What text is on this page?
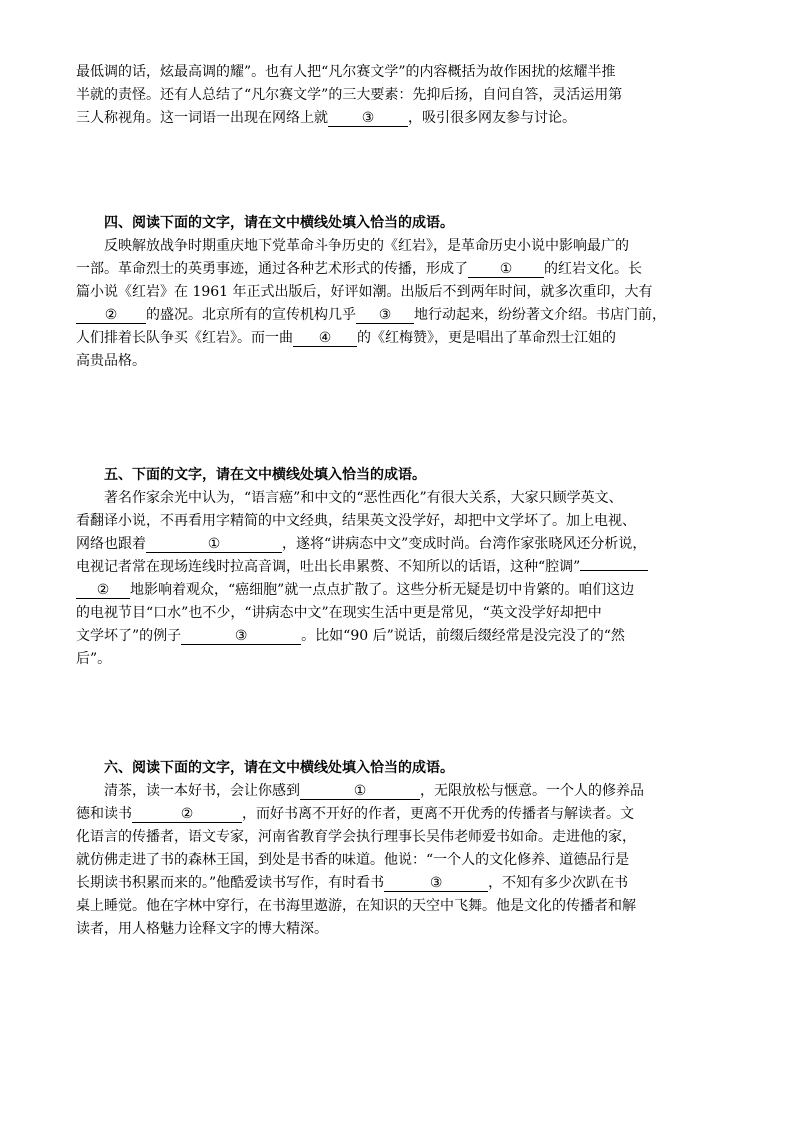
最低调的话，炫最高调的耀”。也有人把“凡尔赛文学”的内容概括为故作困扰的炫耀半推
半就的责怪。还有人总结了“凡尔赛文学”的三大要素：先抑后扬，自问自答，灵活运用第
三人称视角。这一词语一出现在网络上就 ③ ，吸引很多网友参与讨论。
四、阅读下面的文字，请在文中横线处填入恰当的成语。
反映解放战争时期重庆地下党革命斗争历史的《红岩》，是革命历史小说中影响最广的
一部。革命烈士的英勇事迹，通过各种艺术形式的传播，形成了 ① 的红岩文化。长
篇小说《红岩》在 1961 年正式出版后，好评如潮。出版后不到两年时间，就多次重印，大有
② 的盛况。北京所有的宣传机构几乎 ③ 地行动起来，纷纷著文介绍。书店门前，
人们排着长队争买《红岩》。而一曲 ④ 的《红梅赞》，更是唱出了革命烈士江姐的
高贵品格。
五、下面的文字，请在文中横线处填入恰当的成语。
著名作家余光中认为，“语言癌”和中文的“恶性西化”有很大关系，大家只顾学英文、
看翻译小说，不再看用字精简的中文经典，结果英文没学好，却把中文学坏了。加上电视、
网络也跟着	①	，遂将“讲病态中文”变成时尚。台湾作家张晓风还分析说，
电视记者常在现场连线时拉高音调，吐出长串累赘、不知所以的话语，这种“腔调”
② 地影响着观众，“癌细胞”就一点点扩散了。这些分析无疑是切中肯綮的。咱们这边
的电视节目“口水”也不少，“讲病态中文”在现实生活中更是常见，“英文没学好却把中
文学坏了”的例子	③	。比如“90 后”说话，前缀后缀经常是没完没了的“然
后”。
六、阅读下面的文字，请在文中横线处填入恰当的成语。
清茶，读一本好书，会让你感到	①	，无限放松与惬意。一个人的修养品
德和读书	②	，而好书离不开好的作者，更离不开优秀的传播者与解读者。文
化语言的传播者，语文专家，河南省教育学会执行理事长吴伟老师爱书如命。走进他的家，
就仿佛走进了书的森林王国，到处是书香的味道。他说：“一个人的文化修养、道德品行是
长期读书积累而来的。”他酷爱读书写作，有时看书	③	，不知有多少次趴在书
桌上睡觉。他在字林中穿行，在书海里遨游，在知识的天空中飞舞。他是文化的传播者和解
读者，用人格魅力诠释文字的博大精深。
